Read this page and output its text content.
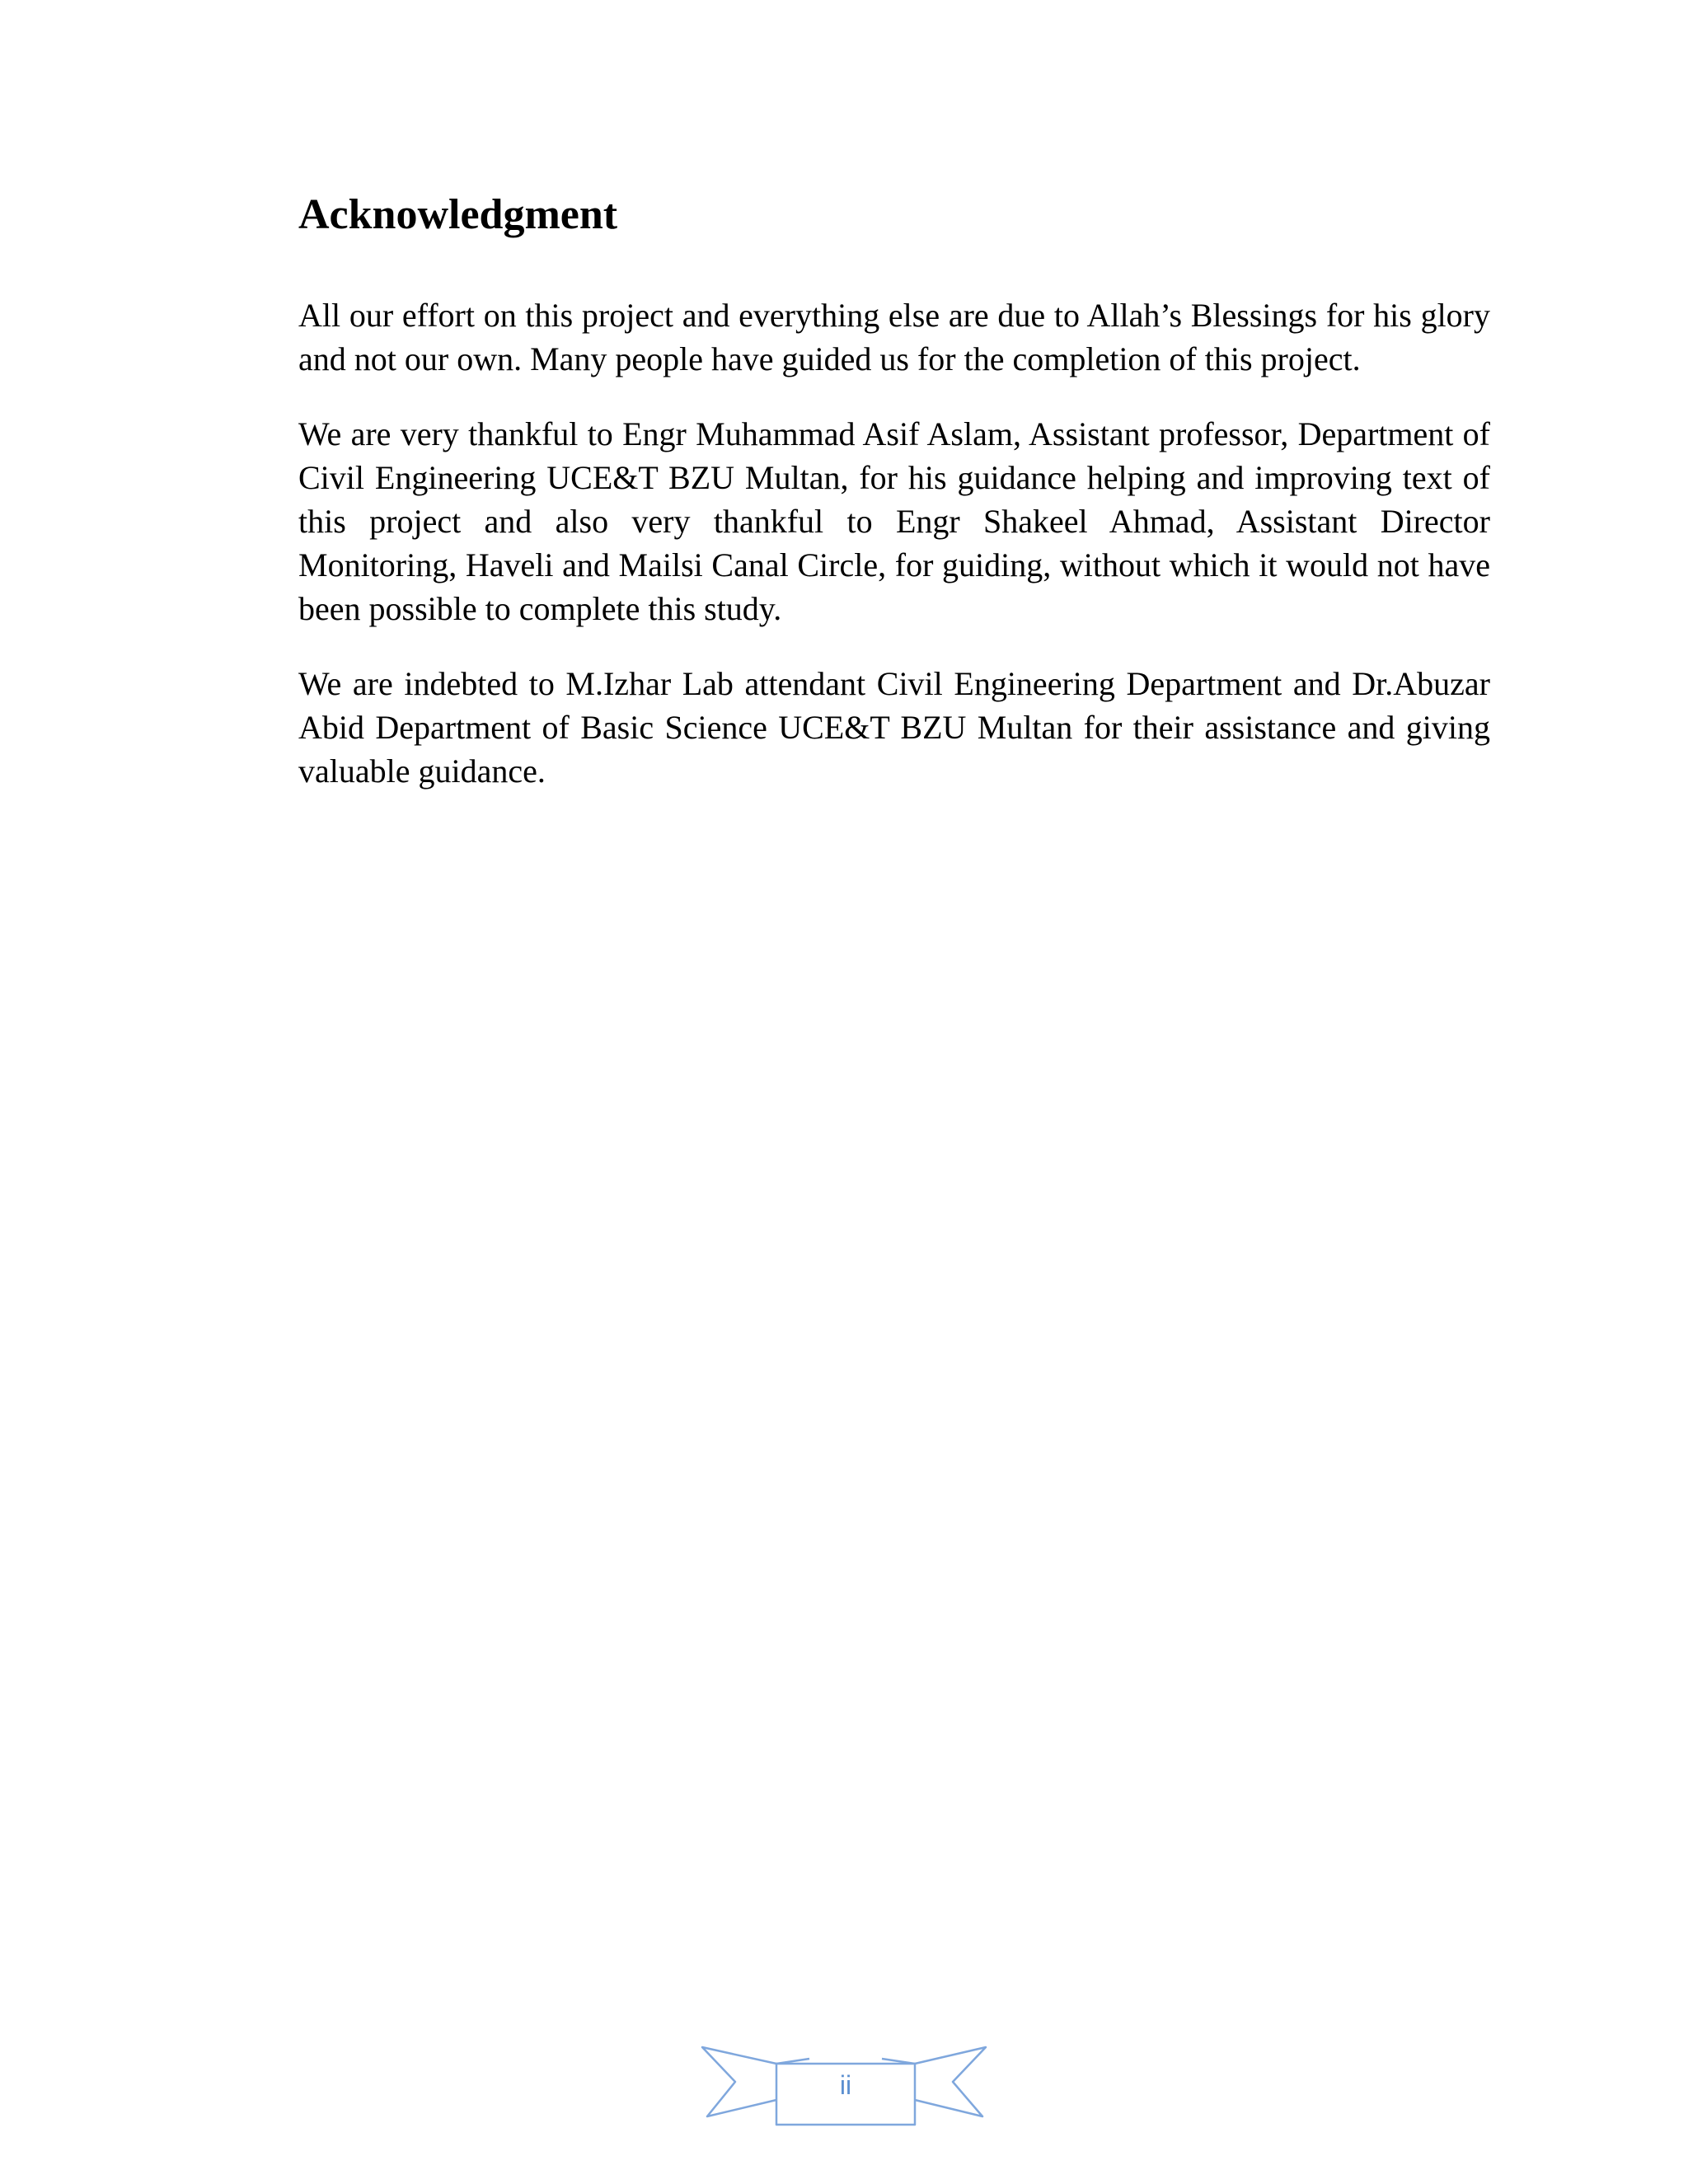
Acknowledgment

All our effort on this project and everything else are due to Allah’s Blessings for his glory and not our own. Many people have guided us for the completion of this project.

We are very thankful to Engr Muhammad Asif Aslam, Assistant professor, Department of Civil Engineering UCE&T BZU Multan, for his guidance helping and improving text of this project and also very thankful to Engr Shakeel Ahmad, Assistant Director Monitoring, Haveli and Mailsi Canal Circle, for guiding, without which it would not have been possible to complete this study.

We are indebted to M.Izhar Lab attendant Civil Engineering Department and Dr.Abuzar Abid Department of Basic Science UCE&T BZU Multan for their assistance and giving valuable guidance.

ii
